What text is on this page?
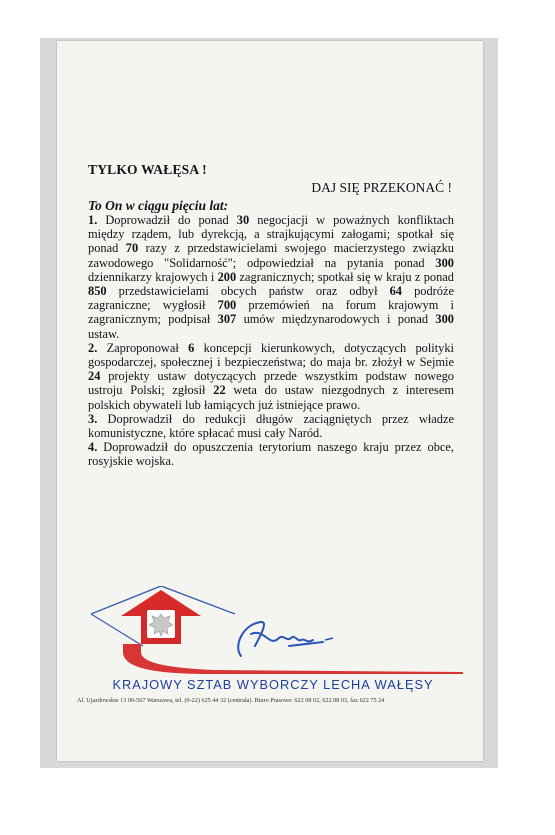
TYLKO WAŁĘSA !
DAJ SIĘ PRZEKONAĆ !
To On w ciągu pięciu lat:
1. Doprowadził do ponad 30 negocjacji w poważnych konfliktach między rządem, lub dyrekcją, a strajkującymi załogami; spotkał się ponad 70 razy z przedstawicielami swojego macierzystego związku zawodowego "Solidarność"; odpowiedział na pytania ponad 300 dziennikarzy krajowych i 200 zagranicznych; spotkał się w kraju z ponad 850 przedstawicielami obcych państw oraz odbył 64 podróże zagraniczne; wygłosił 700 przemówień na forum krajowym i zagranicznym; podpisał 307 umów międzynarodowych i ponad 300 ustaw.
2. Zaproponował 6 koncepcji kierunkowych, dotyczących polityki gospodarczej, społecznej i bezpieczeństwa; do maja br. złożył w Sejmie 24 projekty ustaw dotyczących przede wszystkim podstaw nowego ustroju Polski; zgłosił 22 weta do ustaw niezgodnych z interesem polskich obywateli lub łamiących już istniejące prawo.
3. Doprowadził do redukcji długów zaciągniętych przez władze komunistyczne, które spłacać musi cały Naród.
4. Doprowadził do opuszczenia terytorium naszego kraju przez obce, rosyjskie wojska.
KRAJOWY SZTAB WYBORCZY LECHA WAŁĘSY
Al. Ujazdowskie 13 00-567 Warszawa, tel. (0-22) 625 44 32 (centrala). Biuro Prasowe: 622 08 02, 622 08 03, fax 622 75 24
